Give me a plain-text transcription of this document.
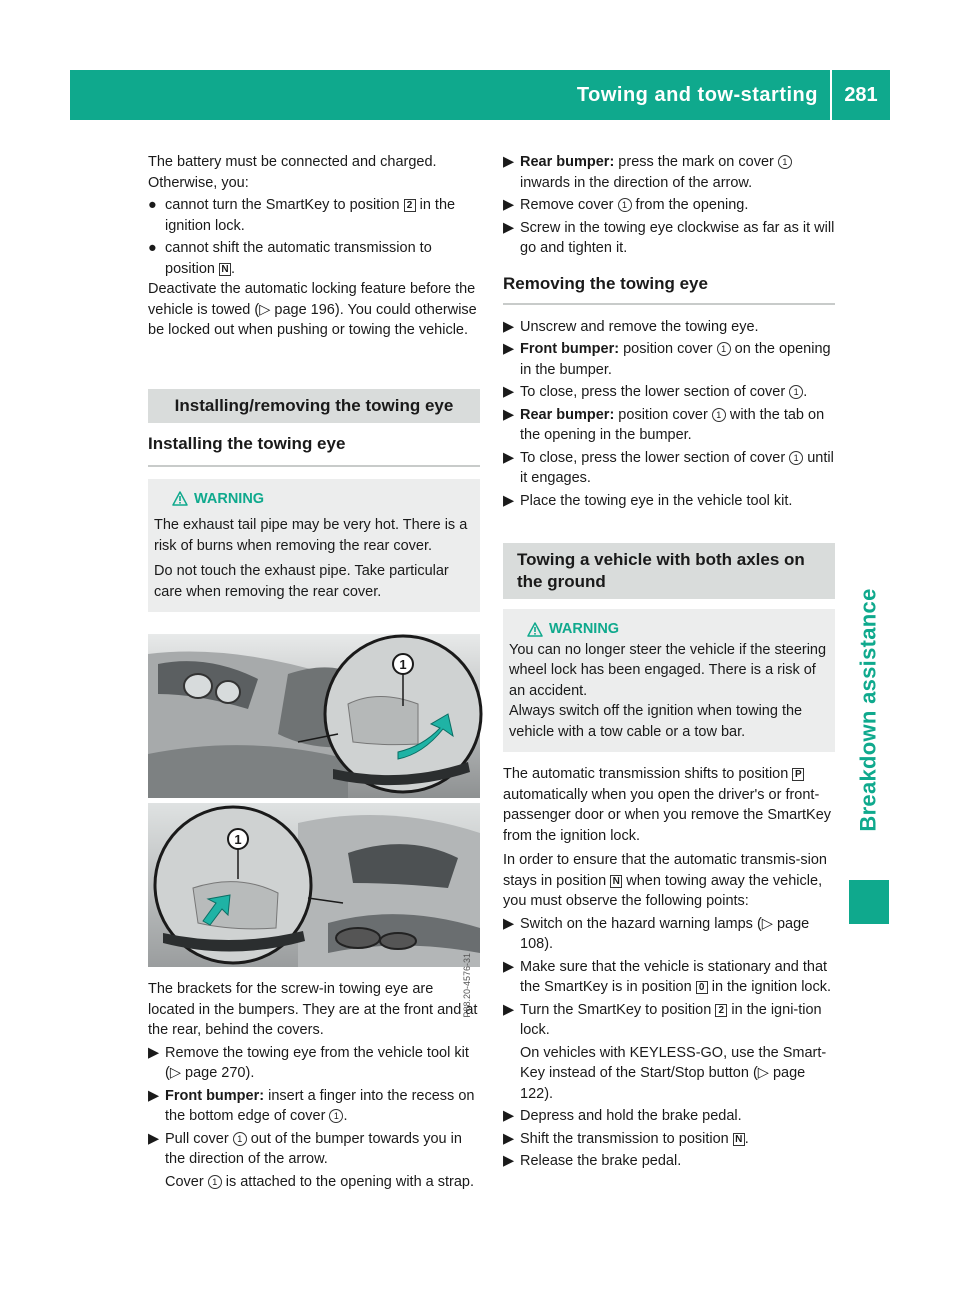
Towing and tow-starting	281
Breakdown assistance

The battery must be connected and charged.

Otherwise, you:

● cannot turn the SmartKey to position 2 in the ignition lock.
● cannot shift the automatic transmission to position N .

Deactivate the automatic locking feature before the vehicle is towed (▷ page 196). You could otherwise be locked out when pushing or towing the vehicle.

Installing/removing the towing eye
Installing the towing eye
WARNING

The exhaust tail pipe may be very hot. There is a risk of burns when removing the rear cover.

Do not touch the exhaust pipe. Take particular care when removing the rear cover.

1
1
P88.20-4576-31

The brackets for the screw-in towing eye are located in the bumpers. They are at the front and at the rear, behind the covers.

▶ Remove the towing eye from the vehicle tool kit (▷ page 270).
▶ Front bumper: insert a finger into the recess on the bottom edge of cover 1 .
▶ Pull cover 1 out of the bumper towards you in the direction of the arrow.

Cover 1 is attached to the opening with a strap.

▶ Rear bumper: press the mark on cover 1 inwards in the direction of the arrow.
▶ Remove cover 1 from the opening.
▶ Screw in the towing eye clockwise as far as it will go and tighten it.
Removing the towing eye
▶ Unscrew and remove the towing eye.
▶ Front bumper: position cover 1 on the opening in the bumper.
▶ To close, press the lower section of cover 1 .
▶ Rear bumper: position cover 1 with the tab on the opening in the bumper.
▶ To close, press the lower section of cover 1 until it engages.
▶ Place the towing eye in the vehicle tool kit.
Towing a vehicle with both axles on the ground
WARNING

You can no longer steer the vehicle if the steering wheel lock has been engaged. There is a risk of an accident.

Always switch off the ignition when towing the vehicle with a tow cable or a tow bar.

The automatic transmission shifts to position P automatically when you open the driver's or front-passenger door or when you remove the SmartKey from the ignition lock.

In order to ensure that the automatic transmis-sion stays in position N when towing away the vehicle, you must observe the following points:

▶ Switch on the hazard warning lamps (▷ page 108).
▶ Make sure that the vehicle is stationary and that the SmartKey is in position 0 in the ignition lock.
▶ Turn the SmartKey to position 2 in the igni-tion lock.

On vehicles with KEYLESS-GO, use the Smart-Key instead of the Start/Stop button (▷ page 122).

▶ Depress and hold the brake pedal.
▶ Shift the transmission to position N .
▶ Release the brake pedal.
